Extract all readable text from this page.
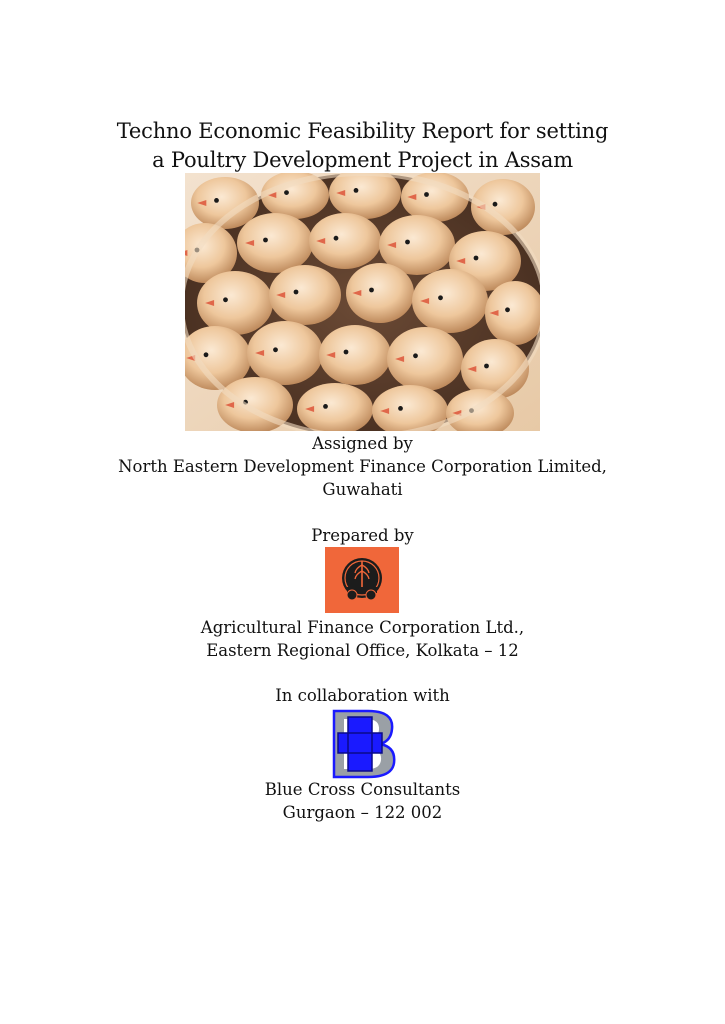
Techno Economic Feasibility Report for setting
a Poultry Development Project in Assam
Assigned by
North Eastern Development Finance Corporation Limited,
Guwahati
Prepared by
Agricultural Finance Corporation Ltd.,
Eastern Regional Office, Kolkata – 12
In collaboration with
Blue Cross Consultants
Gurgaon – 122 002
